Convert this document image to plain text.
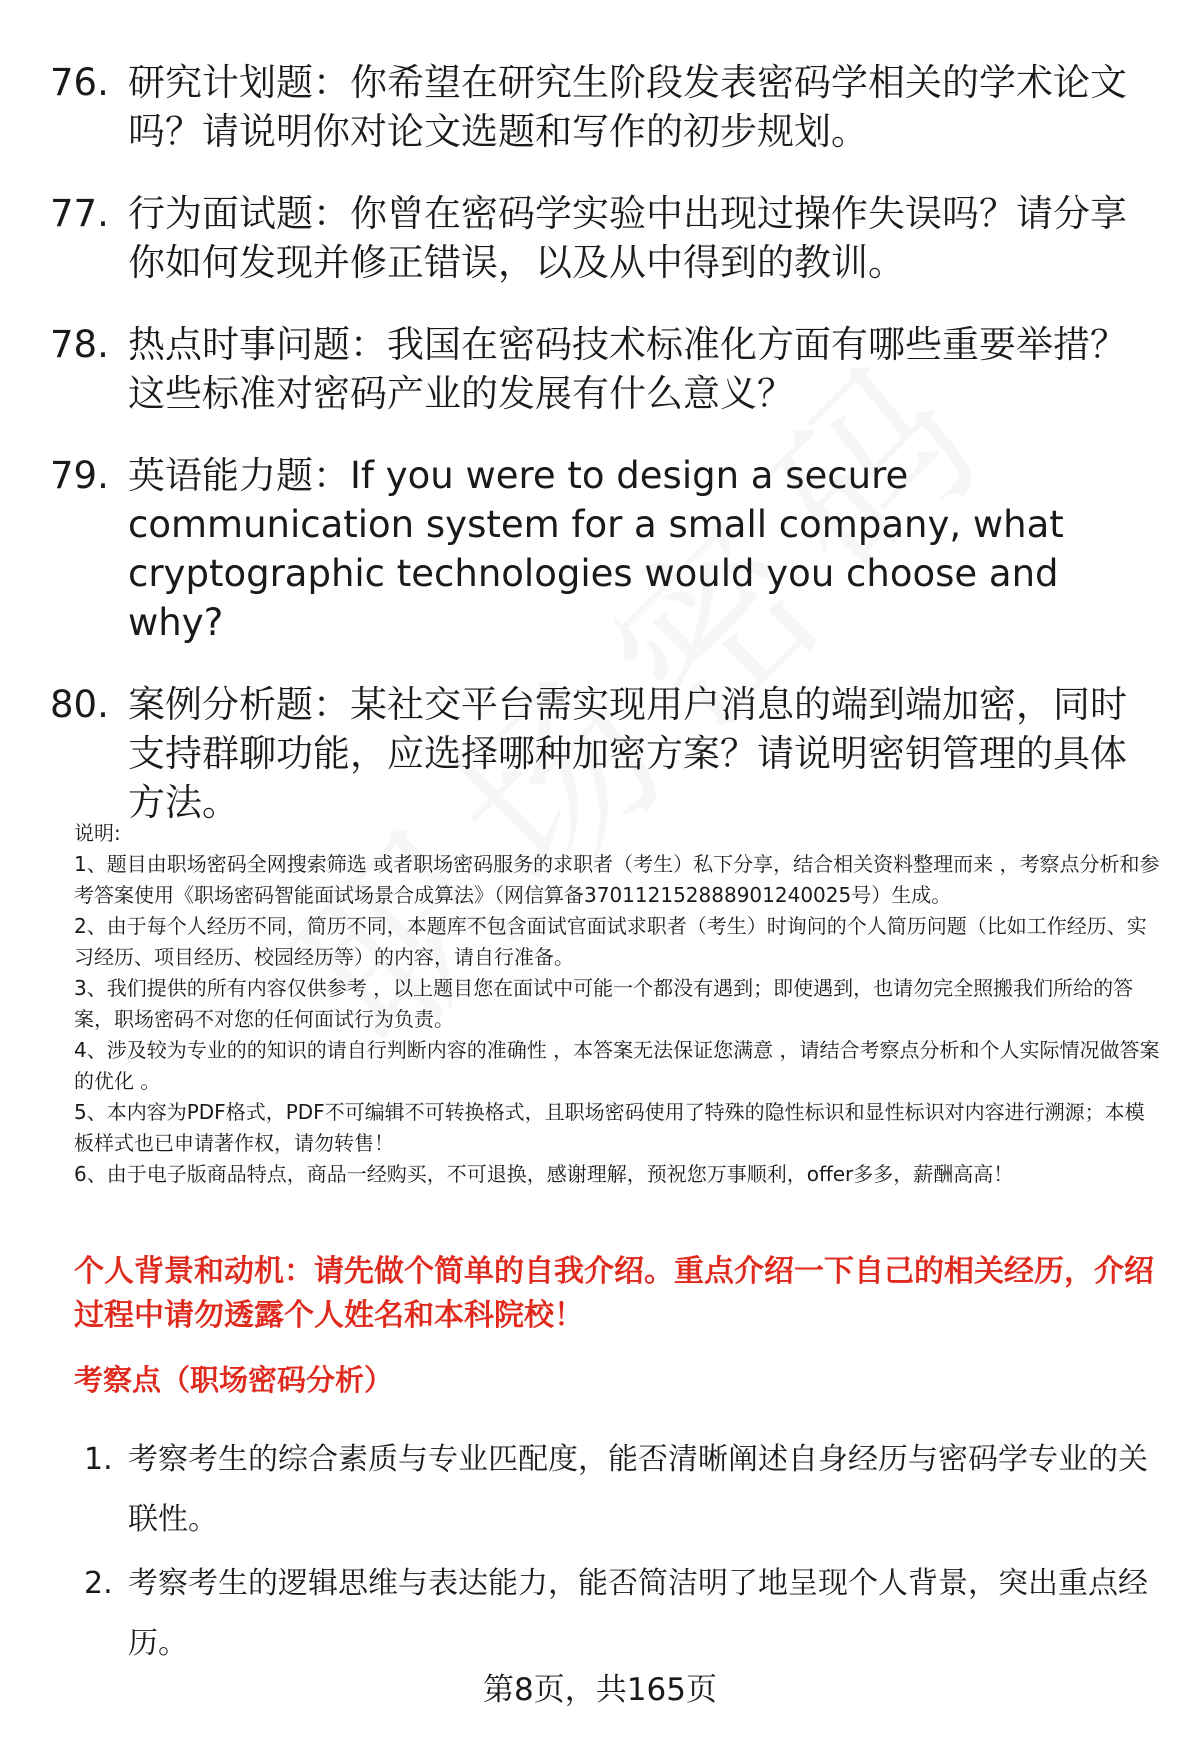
76. 研究计划题：你希望在研究生阶段发表密码学相关的学术论文吗？请说明你对论文选题和写作的初步规划。
77. 行为面试题：你曾在密码学实验中出现过操作失误吗？请分享你如何发现并修正错误，以及从中得到的教训。
78. 热点时事问题：我国在密码技术标准化方面有哪些重要举措？这些标准对密码产业的发展有什么意义？
79. 英语能力题：If you were to design a secure communication system for a small company, what cryptographic technologies would you choose and why?
80. 案例分析题：某社交平台需实现用户消息的端到端加密，同时支持群聊功能，应选择哪种加密方案？请说明密钥管理的具体方法。

说明:

1、题目由职场密码全网搜索筛选 或者职场密码服务的求职者（考生）私下分享，结合相关资料整理而来 ，考察点分析和参考答案使用《职场密码智能面试场景合成算法》（网信算备370112152888901240025号）生成。

2、由于每个人经历不同，简历不同，本题库不包含面试官面试求职者（考生）时询问的个人简历问题（比如工作经历、实习经历、项目经历、校园经历等）的内容，请自行准备。

3、我们提供的所有内容仅供参考 ，以上题目您在面试中可能一个都没有遇到；即使遇到，也请勿完全照搬我们所给的答案，职场密码不对您的任何面试行为负责。

4、涉及较为专业的的知识的请自行判断内容的准确性 ，本答案无法保证您满意 ，请结合考察点分析和个人实际情况做答案的优化 。

5、本内容为PDF格式，PDF不可编辑不可转换格式，且职场密码使用了特殊的隐性标识和显性标识对内容进行溯源；本模板样式也已申请著作权，请勿转售！

6、由于电子版商品特点，商品一经购买，不可退换，感谢理解，预祝您万事顺利，offer多多，薪酬高高！

个人背景和动机：请先做个简单的自我介绍。重点介绍一下自己的相关经历，介绍过程中请勿透露个人姓名和本科院校！
考察点（职场密码分析）
1. 考察考生的综合素质与专业匹配度，能否清晰阐述自身经历与密码学专业的关联性。
2. 考察考生的逻辑思维与表达能力，能否简洁明了地呈现个人背景，突出重点经历。
第8页，共165页
